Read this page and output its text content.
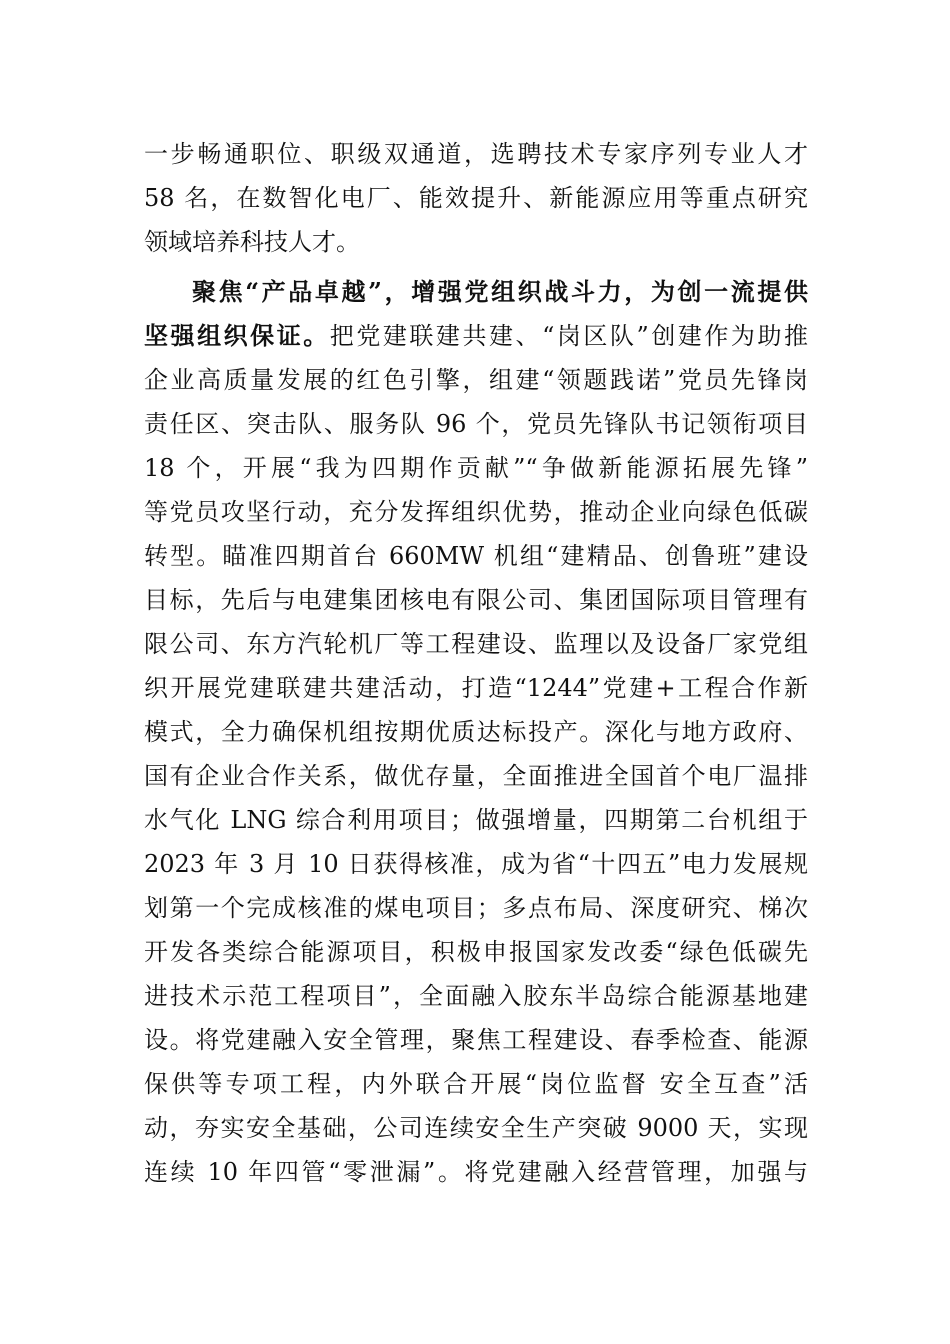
一步畅通职位、职级双通道，选聘技术专家序列专业人才
58 名，在数智化电厂、能效提升、新能源应用等重点研究
领域培养科技人才。
聚焦“产品卓越”，增强党组织战斗力，为创一流提供
坚强组织保证。把党建联建共建、“岗区队”创建作为助推
企业高质量发展的红色引擎，组建“领题践诺”党员先锋岗
责任区、突击队、服务队 96 个，党员先锋队书记领衔项目
18 个，开展“我为四期作贡献”“争做新能源拓展先锋”
等党员攻坚行动，充分发挥组织优势，推动企业向绿色低碳
转型。瞄准四期首台 660MW 机组“建精品、创鲁班”建设
目标，先后与电建集团核电有限公司、集团国际项目管理有
限公司、东方汽轮机厂等工程建设、监理以及设备厂家党组
织开展党建联建共建活动，打造“1244”党建+工程合作新
模式，全力确保机组按期优质达标投产。深化与地方政府、
国有企业合作关系，做优存量，全面推进全国首个电厂温排
水气化 LNG 综合利用项目；做强增量，四期第二台机组于
2023 年 3 月 10 日获得核准，成为省“十四五”电力发展规
划第一个完成核准的煤电项目；多点布局、深度研究、梯次
开发各类综合能源项目，积极申报国家发改委“绿色低碳先
进技术示范工程项目”，全面融入胶东半岛综合能源基地建
设。将党建融入安全管理，聚焦工程建设、春季检查、能源
保供等专项工程，内外联合开展“岗位监督 安全互查”活
动，夯实安全基础，公司连续安全生产突破 9000 天，实现
连续 10 年四管“零泄漏”。将党建融入经营管理，加强与
